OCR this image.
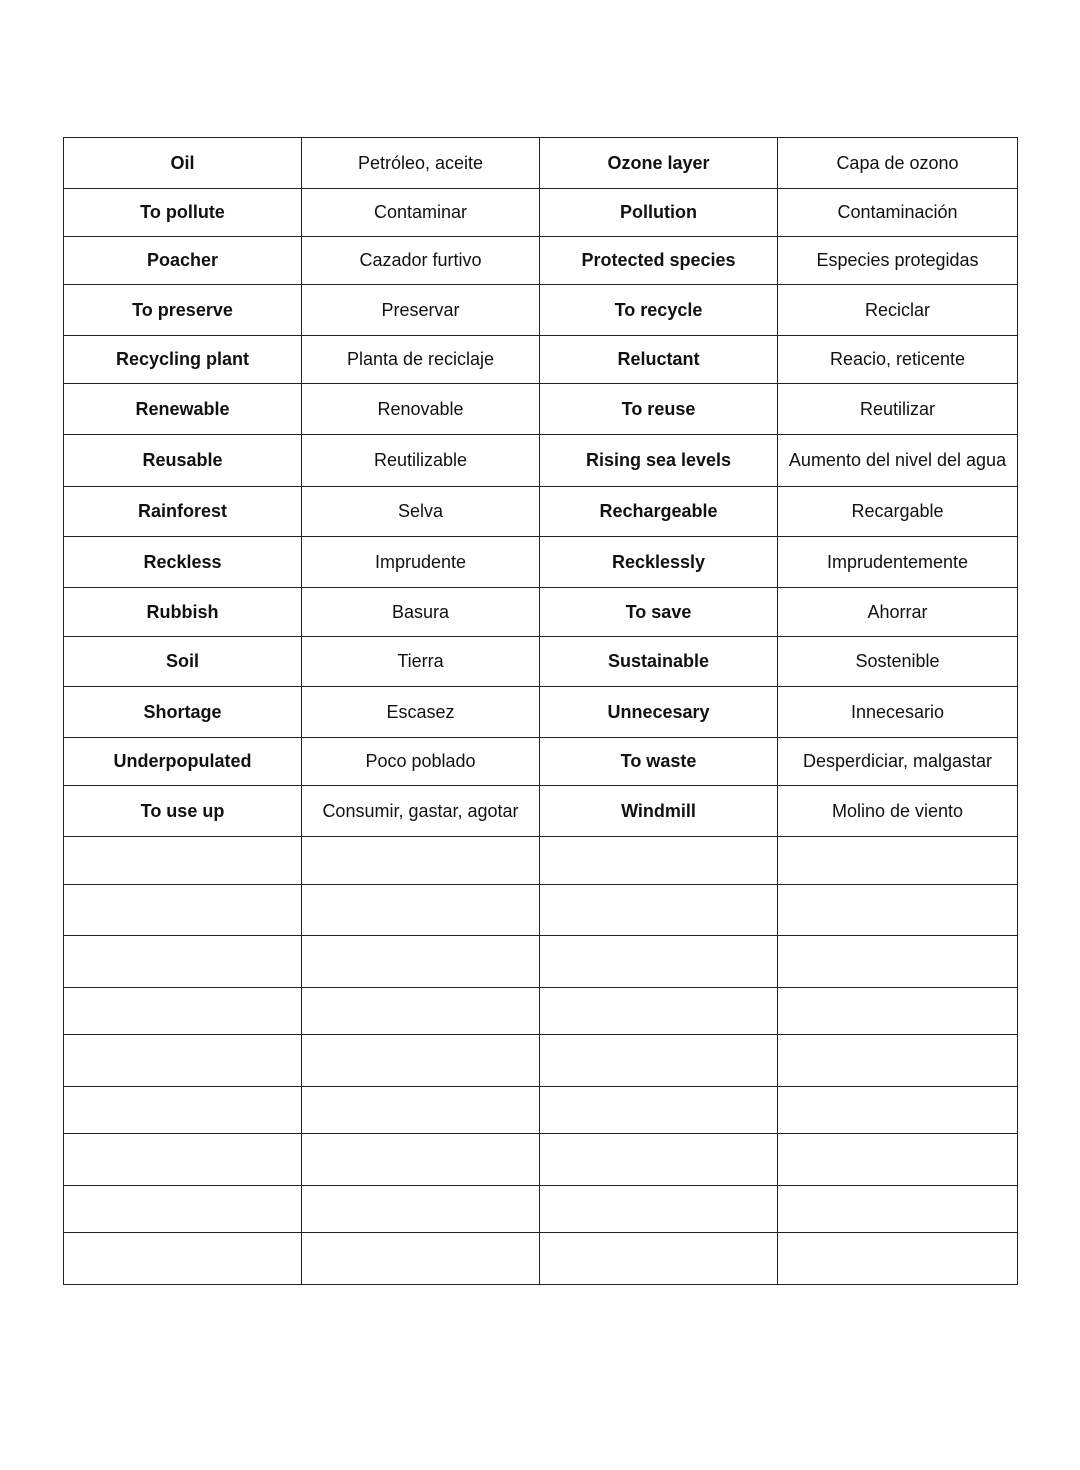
Oil	Petróleo, aceite	Ozone layer	Capa de ozono
To pollute	Contaminar	Pollution	Contaminación
Poacher	Cazador furtivo	Protected species	Especies protegidas
To preserve	Preservar	To recycle	Reciclar
Recycling plant	Planta de reciclaje	Reluctant	Reacio, reticente
Renewable	Renovable	To reuse	Reutilizar
Reusable	Reutilizable	Rising sea levels	Aumento del nivel del agua
Rainforest	Selva	Rechargeable	Recargable
Reckless	Imprudente	Recklessly	Imprudentemente
Rubbish	Basura	To save	Ahorrar
Soil	Tierra	Sustainable	Sostenible
Shortage	Escasez	Unnecesary	Innecesario
Underpopulated	Poco poblado	To waste	Desperdiciar, malgastar
To use up	Consumir, gastar, agotar	Windmill	Molino de viento
